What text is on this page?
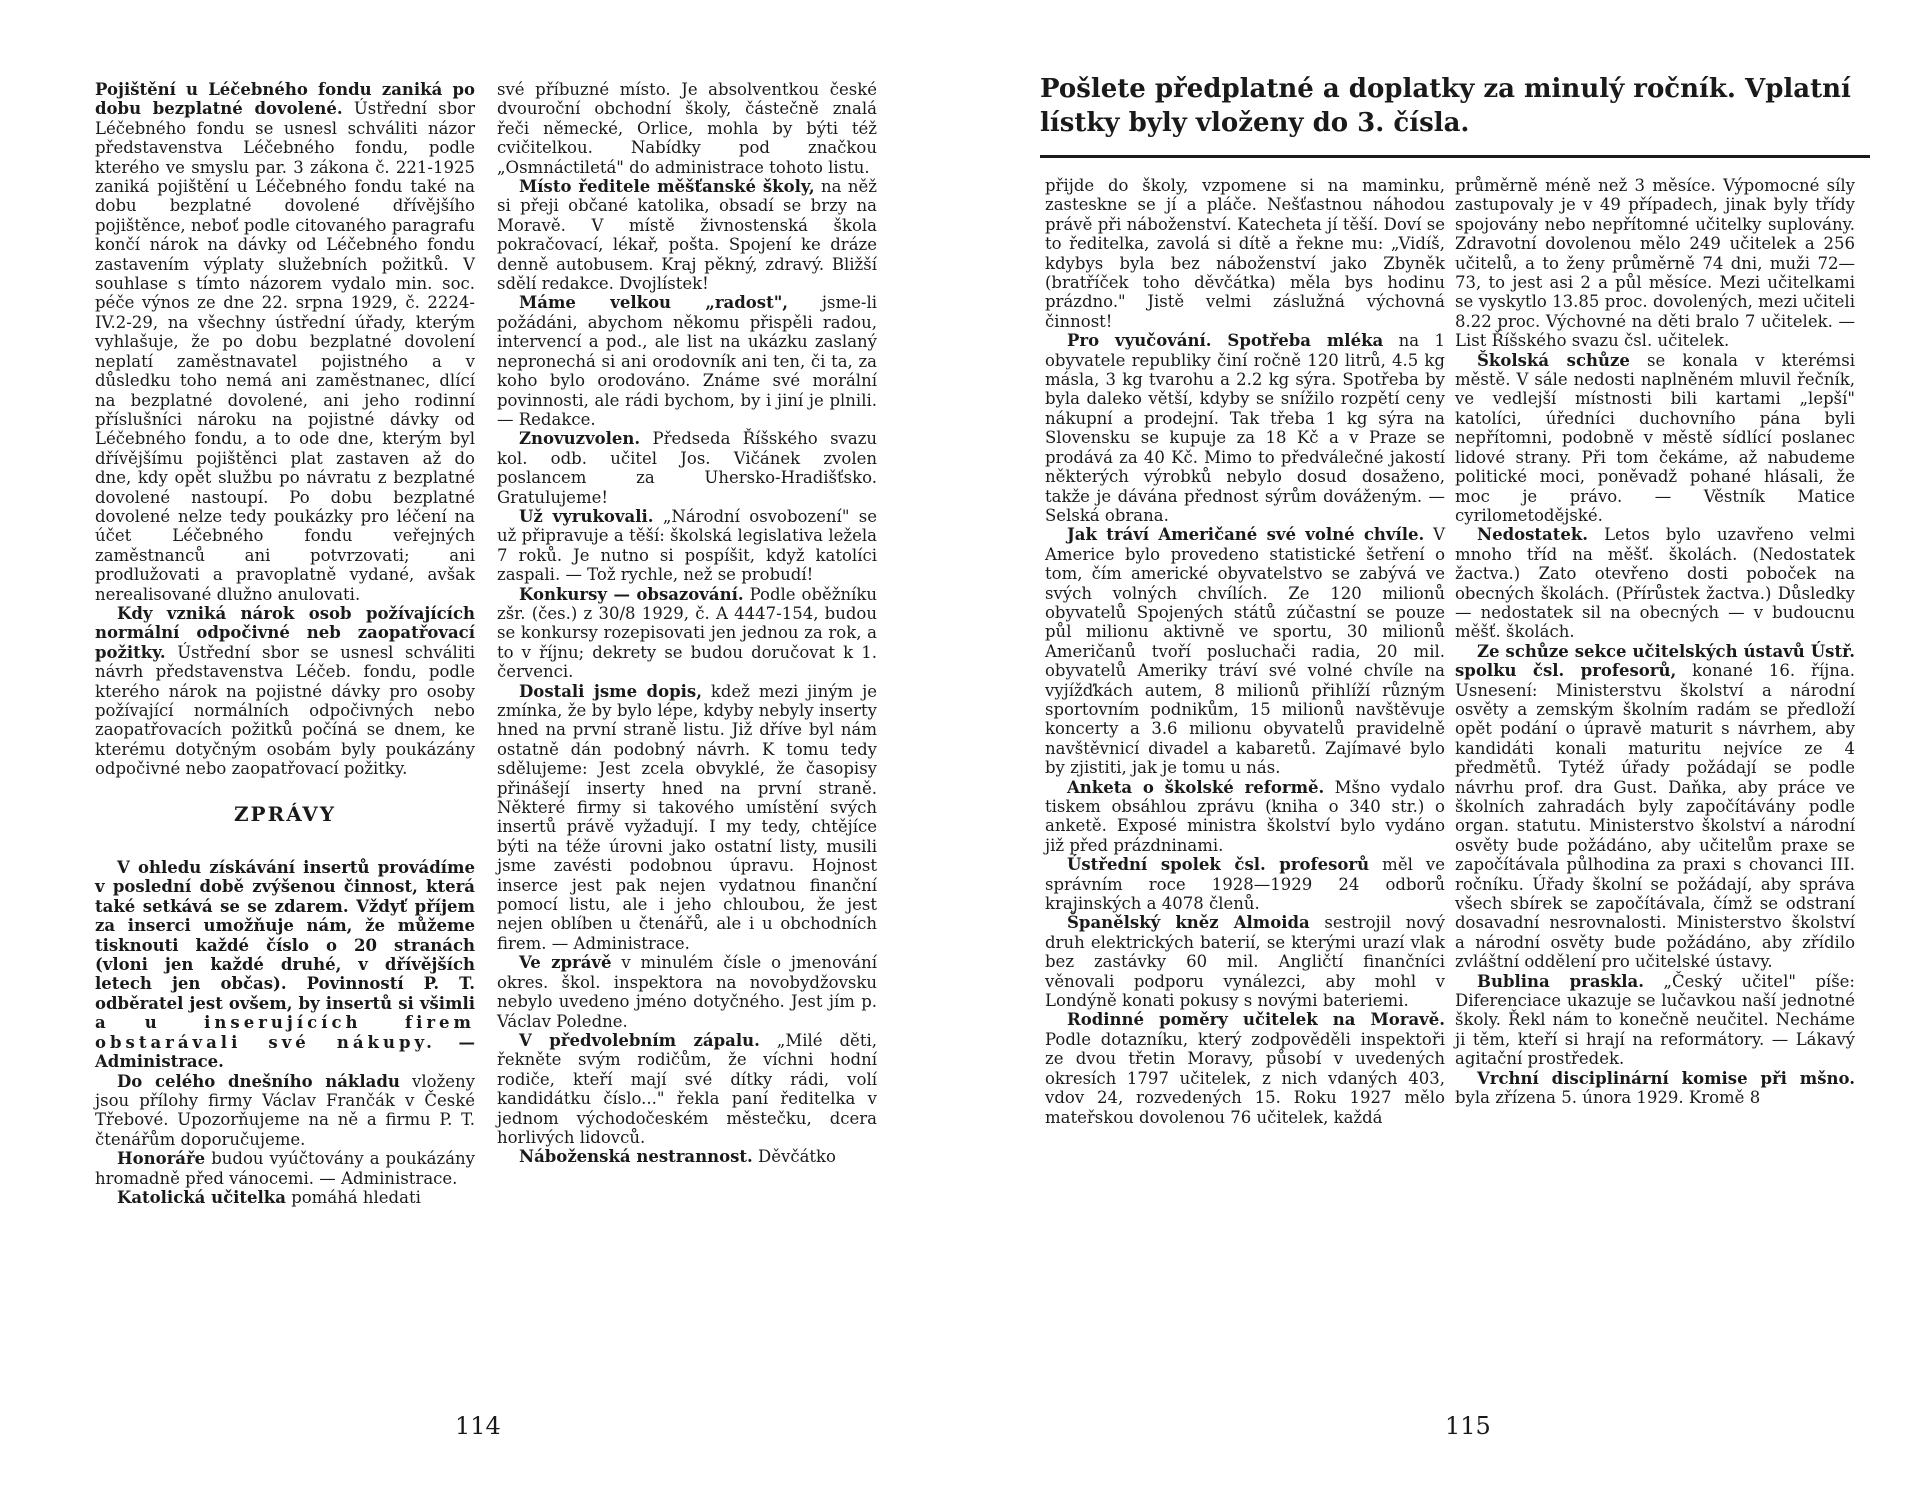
Pojištění u Léčebného fondu zaniká po dobu bezplatné dovolené. Ústřední sbor Léčebného fondu se usnesl schváliti názor představenstva Léčebného fondu, podle kterého ve smyslu par. 3 zákona č. 221-1925 zaniká pojištění u Léčebného fondu také na dobu bezplatné dovolené dřívějšího pojištěnce, neboť podle citovaného paragrafu končí nárok na dávky od Léčebného fondu zastavením výplaty služebních požitků. V souhlase s tímto názorem vydalo min. soc. péče výnos ze dne 22. srpna 1929, č. 2224-IV.2-29, na všechny ústřední úřady, kterým vyhlašuje, že po dobu bezplatné dovolení neplatí zaměstnavatel pojistného a v důsledku toho nemá ani zaměstnanec, dlící na bezplatné dovolené, ani jeho rodinní příslušníci nároku na pojistné dávky od Léčebného fondu, a to ode dne, kterým byl dřívějšímu pojištěnci plat zastaven až do dne, kdy opět službu po návratu z bezplatné dovolené nastoupí. Po dobu bezplatné dovolené nelze tedy poukázky pro léčení na účet Léčebného fondu veřejných zaměstnanců ani potvrzovati; ani prodlužovati a pravoplatně vydané, avšak nerealisované dlužno anulovati.

Kdy vzniká nárok osob požívajících normální odpočivné neb zaopatřovací požitky. Ústřední sbor se usnesl schváliti návrh představenstva Léčeb. fondu, podle kterého nárok na pojistné dávky pro osoby požívající normálních odpočivných nebo zaopatřovacích požitků počíná se dnem, ke kterému dotyčným osobám byly poukázány odpočivné nebo zaopatřovací požitky.

ZPRÁVY

V ohledu získávání insertů provádíme v poslední době zvýšenou činnost, která také setkává se se zdarem. Vždyť příjem za inserci umožňuje nám, že můžeme tisknouti každé číslo o 20 stranách (vloni jen každé druhé, v dřívějších letech jen občas). Povinností P. T. odběratel jest ovšem, by insertů si všimli a u inserujících firem obstarávali své nákupy. — Administrace.

Do celého dnešního nákladu vloženy jsou přílohy firmy Václav Frančák v České Třebové. Upozorňujeme na ně a firmu P. T. čtenářům doporučujeme.

Honoráře budou vyúčtovány a poukázány hromadně před vánocemi. — Administrace.

Katolická učitelka pomáhá hledati

své příbuzné místo. Je absolventkou české dvouroční obchodní školy, částečně znalá řeči německé, Orlice, mohla by býti též cvičitelkou. Nabídky pod značkou „Osmnáctiletá" do administrace tohoto listu.

Místo ředitele měšťanské školy, na něž si přeji občané katolika, obsadí se brzy na Moravě. V místě živnostenská škola pokračovací, lékař, pošta. Spojení ke dráze denně autobusem. Kraj pěkný, zdravý. Bližší sdělí redakce. Dvojlístek!

Máme velkou „radost", jsme-li požádáni, abychom někomu přispěli radou, intervencí a pod., ale list na ukázku zaslaný nepronechá si ani orodovník ani ten, či ta, za koho bylo orodováno. Známe své morální povinnosti, ale rádi bychom, by i jiní je plnili. — Redakce.

Znovuzvolen. Předseda Říšského svazu kol. odb. učitel Jos. Vičánek zvolen poslancem za Uhersko-Hradišťsko. Gratulujeme!

Už vyrukovali. „Národní osvobození" se už připravuje a těší: školská legislativa ležela 7 roků. Je nutno si pospíšit, když katolíci zaspali. — Tož rychle, než se probudí!

Konkursy — obsazování. Podle oběžníku zšr. (čes.) z 30/8 1929, č. A 4447-154, budou se konkursy rozepisovati jen jednou za rok, a to v říjnu; dekrety se budou doručovat k 1. červenci.

Dostali jsme dopis, kdež mezi jiným je zmínka, že by bylo lépe, kdyby nebyly inserty hned na první straně listu. Již dříve byl nám ostatně dán podobný návrh. K tomu tedy sdělujeme: Jest zcela obvyklé, že časopisy přinášejí inserty hned na první straně. Některé firmy si takového umístění svých insertů právě vyžadují. I my tedy, chtějíce býti na téže úrovni jako ostatní listy, musili jsme zavésti podobnou úpravu. Hojnost inserce jest pak nejen vydatnou finanční pomocí listu, ale i jeho chloubou, že jest nejen oblíben u čtenářů, ale i u obchodních firem. — Administrace.

Ve zprávě v minulém čísle o jmenování okres. škol. inspektora na novobydžovsku nebylo uvedeno jméno dotyčného. Jest jím p. Václav Poledne.

V předvolebním zápalu. „Milé děti, řekněte svým rodičům, že víchni hodní rodiče, kteří mají své dítky rádi, volí kandidátku číslo..." řekla paní ředitelka v jednom východočeském městečku, dcera horlivých lidovců.

Náboženská nestrannost. Děvčátko

114
Pošlete předplatné a doplatky za minulý ročník. Vplatní lístky byly vloženy do 3. čísla.

přijde do školy, vzpomene si na maminku, zasteskne se jí a pláče. Nešťastnou náhodou právě při náboženství. Katecheta jí těší. Doví se to ředitelka, zavolá si dítě a řekne mu: „Vidíš, kdybys byla bez náboženství jako Zbyněk (bratříček toho děvčátka) měla bys hodinu prázdno." Jistě velmi záslužná výchovná činnost!

Pro vyučování. Spotřeba mléka na 1 obyvatele republiky činí ročně 120 litrů, 4.5 kg másla, 3 kg tvarohu a 2.2 kg sýra. Spotřeba by byla daleko větší, kdyby se snížilo rozpětí ceny nákupní a prodejní. Tak třeba 1 kg sýra na Slovensku se kupuje za 18 Kč a v Praze se prodává za 40 Kč. Mimo to předválečné jakostí některých výrobků nebylo dosud dosaženo, takže je dávána přednost sýrům dováženým. — Selská obrana.

Jak tráví Američané své volné chvíle. V Americe bylo provedeno statistické šetření o tom, čím americké obyvatelstvo se zabývá ve svých volných chvílích. Ze 120 milionů obyvatelů Spojených států zúčastní se pouze půl milionu aktivně ve sportu, 30 milionů Američanů tvoří posluchači radia, 20 mil. obyvatelů Ameriky tráví své volné chvíle na vyjížďkách autem, 8 milionů přihlíží různým sportovním podnikům, 15 milionů navštěvuje koncerty a 3.6 milionu obyvatelů pravidelně navštěvnicí divadel a kabaretů. Zajímavé bylo by zjistiti, jak je tomu u nás.

Anketa o školské reformě. Mšno vydalo tiskem obsáhlou zprávu (kniha o 340 str.) o anketě. Exposé ministra školství bylo vydáno již před prázdninami.

Ústřední spolek čsl. profesorů měl ve správním roce 1928—1929 24 odborů krajinských a 4078 členů.

Španělský kněz Almoida sestrojil nový druh elektrických baterií, se kterými urazí vlak bez zastávky 60 mil. Angličtí finančníci věnovali podporu vynálezci, aby mohl v Londýně konati pokusy s novými bateriemi.

Rodinné poměry učitelek na Moravě. Podle dotazníku, který zodpověděli inspektoři ze dvou třetin Moravy, působí v uvedených okresích 1797 učitelek, z nich vdaných 403, vdov 24, rozvedených 15. Roku 1927 mělo mateřskou dovolenou 76 učitelek, každá

průměrně méně než 3 měsíce. Výpomocné síly zastupovaly je v 49 případech, jinak byly třídy spojovány nebo nepřítomné učitelky suplovány. Zdravotní dovolenou mělo 249 učitelek a 256 učitelů, a to ženy průměrně 74 dni, muži 72—73, to jest asi 2 a půl měsíce. Mezi učitelkami se vyskytlo 13.85 proc. dovolených, mezi učiteli 8.22 proc. Výchovné na děti bralo 7 učitelek. — List Říšského svazu čsl. učitelek.

Školská schůze se konala v kterémsi městě. V sále nedosti naplněném mluvil řečník, ve vedlejší místnosti bili kartami „lepší" katolíci, úředníci duchovního pána byli nepřítomni, podobně v městě sídlící poslanec lidové strany. Při tom čekáme, až nabudeme politické moci, poněvadž pohané hlásali, že moc je právo. — Věstník Matice cyrilometodějské.

Nedostatek. Letos bylo uzavřeno velmi mnoho tříd na měšť. školách. (Nedostatek žactva.) Zato otevřeno dosti poboček na obecných školách. (Přírůstek žactva.) Důsledky — nedostatek sil na obecných — v budoucnu měšť. školách.

Ze schůze sekce učitelských ústavů Ústř. spolku čsl. profesorů, konané 16. října. Usnesení: Ministerstvu školství a národní osvěty a zemským školním radám se předloží opět podání o úpravě maturit s návrhem, aby kandidáti konali maturitu nejvíce ze 4 předmětů. Tytéž úřady požádají se podle návrhu prof. dra Gust. Daňka, aby práce ve školních zahradách byly započítávány podle organ. statutu. Ministerstvo školství a národní osvěty bude požádáno, aby učitelům praxe se započítávala půlhodina za praxi s chovanci III. ročníku. Úřady školní se požádají, aby správa všech sbírek se započítávala, čímž se odstraní dosavadní nesrovnalosti. Ministerstvo školství a národní osvěty bude požádáno, aby zřídilo zvláštní oddělení pro učitelské ústavy.

Bublina praskla. „Český učitel" píše: Diferenciace ukazuje se lučavkou naší jednotné školy. Řekl nám to konečně neučitel. Necháme ji těm, kteří si hrají na reformátory. — Lákavý agitační prostředek.

Vrchní disciplinární komise při mšno. byla zřízena 5. února 1929. Kromě 8

115
